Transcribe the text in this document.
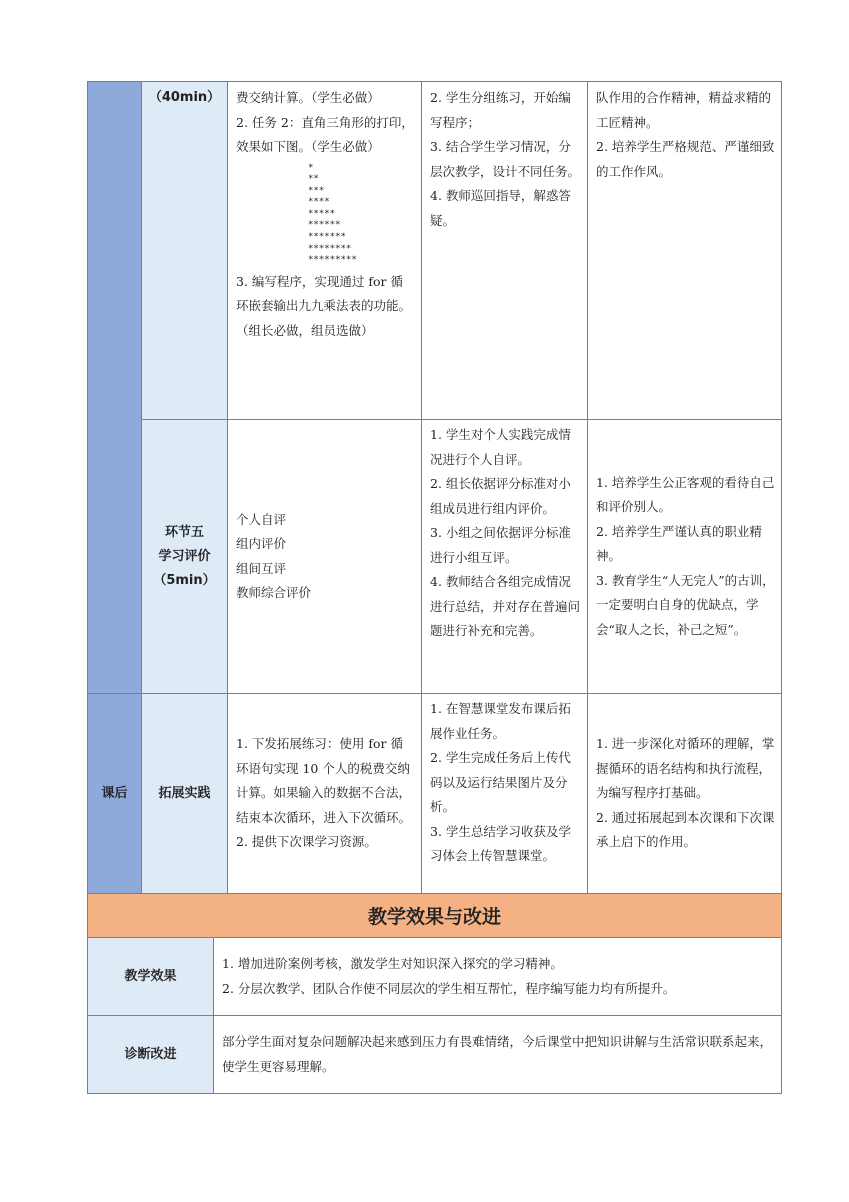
（40min） 费交纳计算。（学生必做）

2. 任务 2：直角三角形的打印，效果如下图。（学生必做）

*
**
***
****
*****
******
*******
********
*********

3. 编写程序，实现通过 for 循环嵌套输出九九乘法表的功能。（组长必做，组员选做）

2. 学生分组练习，开始编写程序；

3. 结合学生学习情况，分层次教学，设计不同任务。

4. 教师巡回指导，解惑答疑。

队作用的合作精神，精益求精的工匠精神。

2. 培养学生严格规范、严谨细致的工作作风。

环节五
学习评价
（5min）

个人自评

组内评价

组间互评

教师综合评价

1. 学生对个人实践完成情况进行个人自评。

2. 组长依据评分标准对小组成员进行组内评价。

3. 小组之间依据评分标准进行小组互评。

4. 教师结合各组完成情况进行总结，并对存在普遍问题进行补充和完善。

1. 培养学生公正客观的看待自己和评价别人。

2. 培养学生严谨认真的职业精神。

3. 教育学生“人无完人”的古训，一定要明白自身的优缺点，学会“取人之长，补己之短”。

课后 拓展实践

1. 下发拓展练习：使用 for 循环语句实现 10 个人的税费交纳计算。如果输入的数据不合法，结束本次循环，进入下次循环。

2. 提供下次课学习资源。

1. 在智慧课堂发布课后拓展作业任务。

2. 学生完成任务后上传代码以及运行结果图片及分析。

3. 学生总结学习收获及学习体会上传智慧课堂。

1. 进一步深化对循环的理解，掌握循环的语名结构和执行流程，为编写程序打基础。

2. 通过拓展起到本次课和下次课承上启下的作用。

教学效果与改进
教学效果

1. 增加进阶案例考核，激发学生对知识深入探究的学习精神。

2. 分层次教学、团队合作使不同层次的学生相互帮忙，程序编写能力均有所提升。

诊断改进

部分学生面对复杂问题解决起来感到压力有畏难情绪，今后课堂中把知识讲解与生活常识联系起来，使学生更容易理解。
